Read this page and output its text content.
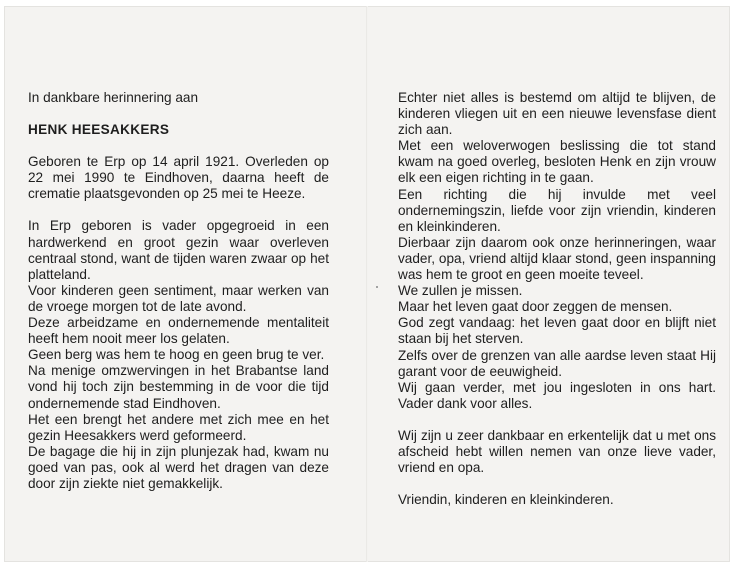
In dankbare herinnering aan

HENK HEESAKKERS

Geboren te Erp op 14 april 1921. Overleden op 22 mei 1990 te Eindhoven, daarna heeft de crematie plaatsgevonden op 25 mei te Heeze.

In Erp geboren is vader opgegroeid in een hardwerkend en groot gezin waar overleven centraal stond, want de tijden waren zwaar op het platteland.

Voor kinderen geen sentiment, maar werken van de vroege morgen tot de late avond.

Deze arbeidzame en ondernemende mentaliteit heeft hem nooit meer los gelaten.

Geen berg was hem te hoog en geen brug te ver.

Na menige omzwervingen in het Brabantse land vond hij toch zijn bestemming in de voor die tijd ondernemende stad Eindhoven.

Het een brengt het andere met zich mee en het gezin Heesakkers werd geformeerd.

De bagage die hij in zijn plunjezak had, kwam nu goed van pas, ook al werd het dragen van deze door zijn ziekte niet gemakkelijk.

Echter niet alles is bestemd om altijd te blijven, de kinderen vliegen uit en een nieuwe levensfase dient zich aan.

Met een weloverwogen beslissing die tot stand kwam na goed overleg, besloten Henk en zijn vrouw elk een eigen richting in te gaan.

Een richting die hij invulde met veel ondernemingszin, liefde voor zijn vriendin, kinderen en kleinkinderen.

Dierbaar zijn daarom ook onze herinneringen, waar vader, opa, vriend altijd klaar stond, geen inspanning was hem te groot en geen moeite teveel.

We zullen je missen.

Maar het leven gaat door zeggen de mensen.

God zegt vandaag: het leven gaat door en blijft niet staan bij het sterven.

Zelfs over de grenzen van alle aardse leven staat Hij garant voor de eeuwigheid.

Wij gaan verder, met jou ingesloten in ons hart. Vader dank voor alles.

Wij zijn u zeer dankbaar en erkentelijk dat u met ons afscheid hebt willen nemen van onze lieve vader, vriend en opa.

Vriendin, kinderen en kleinkinderen.
